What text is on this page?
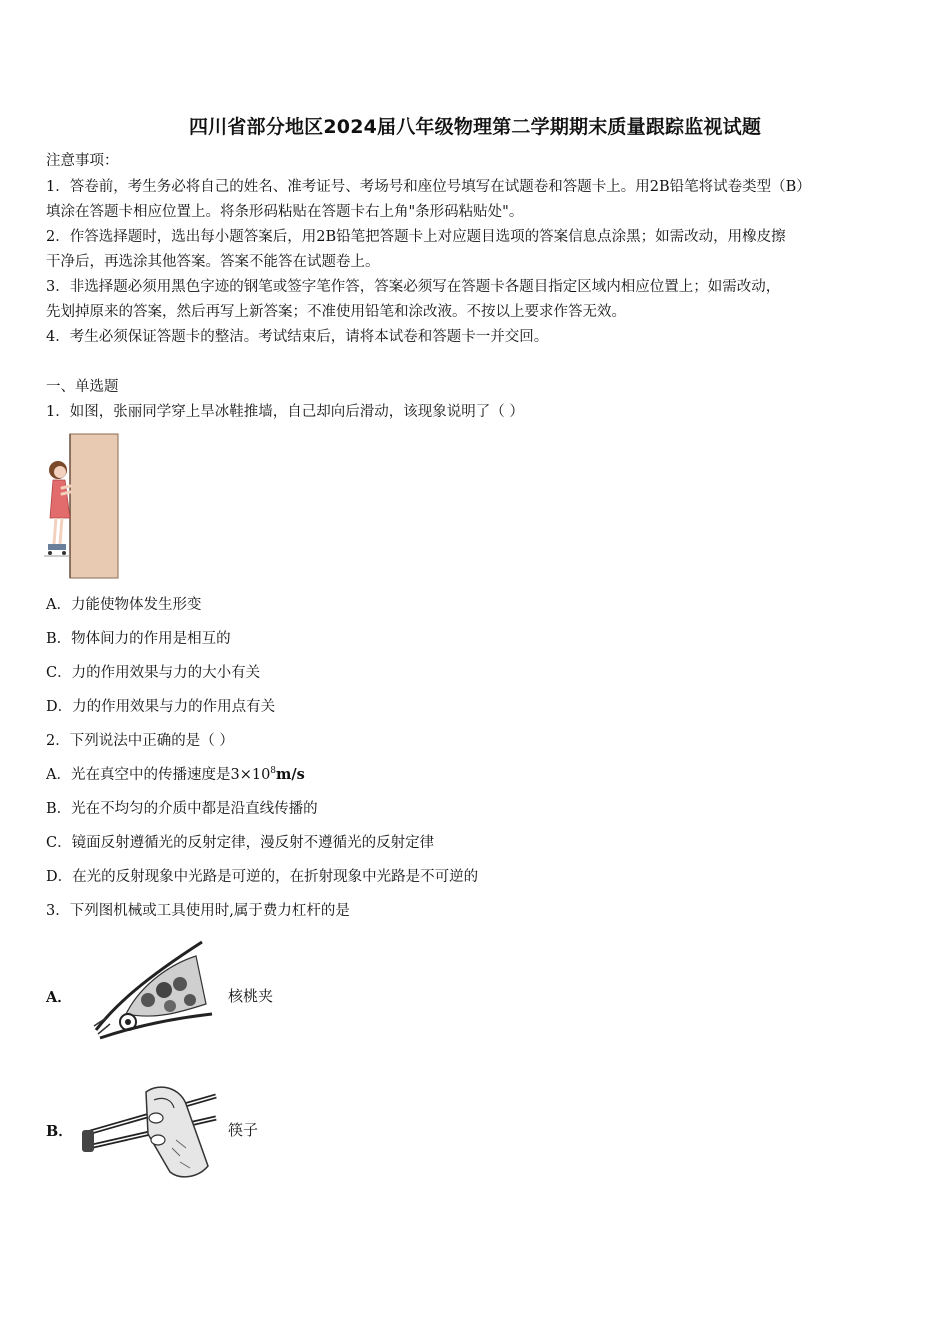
四川省部分地区2024届八年级物理第二学期期末质量跟踪监视试题
注意事项：
1．答卷前，考生务必将自己的姓名、准考证号、考场号和座位号填写在试题卷和答题卡上。用2B铅笔将试卷类型（B）
填涂在答题卡相应位置上。将条形码粘贴在答题卡右上角"条形码粘贴处"。
2．作答选择题时，选出每小题答案后，用2B铅笔把答题卡上对应题目选项的答案信息点涂黑；如需改动，用橡皮擦
干净后，再选涂其他答案。答案不能答在试题卷上。
3．非选择题必须用黑色字迹的钢笔或签字笔作答，答案必须写在答题卡各题目指定区域内相应位置上；如需改动，
先划掉原来的答案，然后再写上新答案；不准使用铅笔和涂改液。不按以上要求作答无效。
4．考生必须保证答题卡的整洁。考试结束后，请将本试卷和答题卡一并交回。
一、单选题
1．如图，张丽同学穿上旱冰鞋推墙，自己却向后滑动，该现象说明了（ ）
A．力能使物体发生形变
B．物体间力的作用是相互的
C．力的作用效果与力的大小有关
D．力的作用效果与力的作用点有关
2．下列说法中正确的是（ ）
A．光在真空中的传播速度是$3\times 10^8m/s$
B．光在不均匀的介质中都是沿直线传播的
C．镜面反射遵循光的反射定律，漫反射不遵循光的反射定律
D．在光的反射现象中光路是可逆的，在折射现象中光路是不可逆的
3．下列图机械或工具使用时,属于费力杠杆的是
A．	核桃夹
B．	筷子
